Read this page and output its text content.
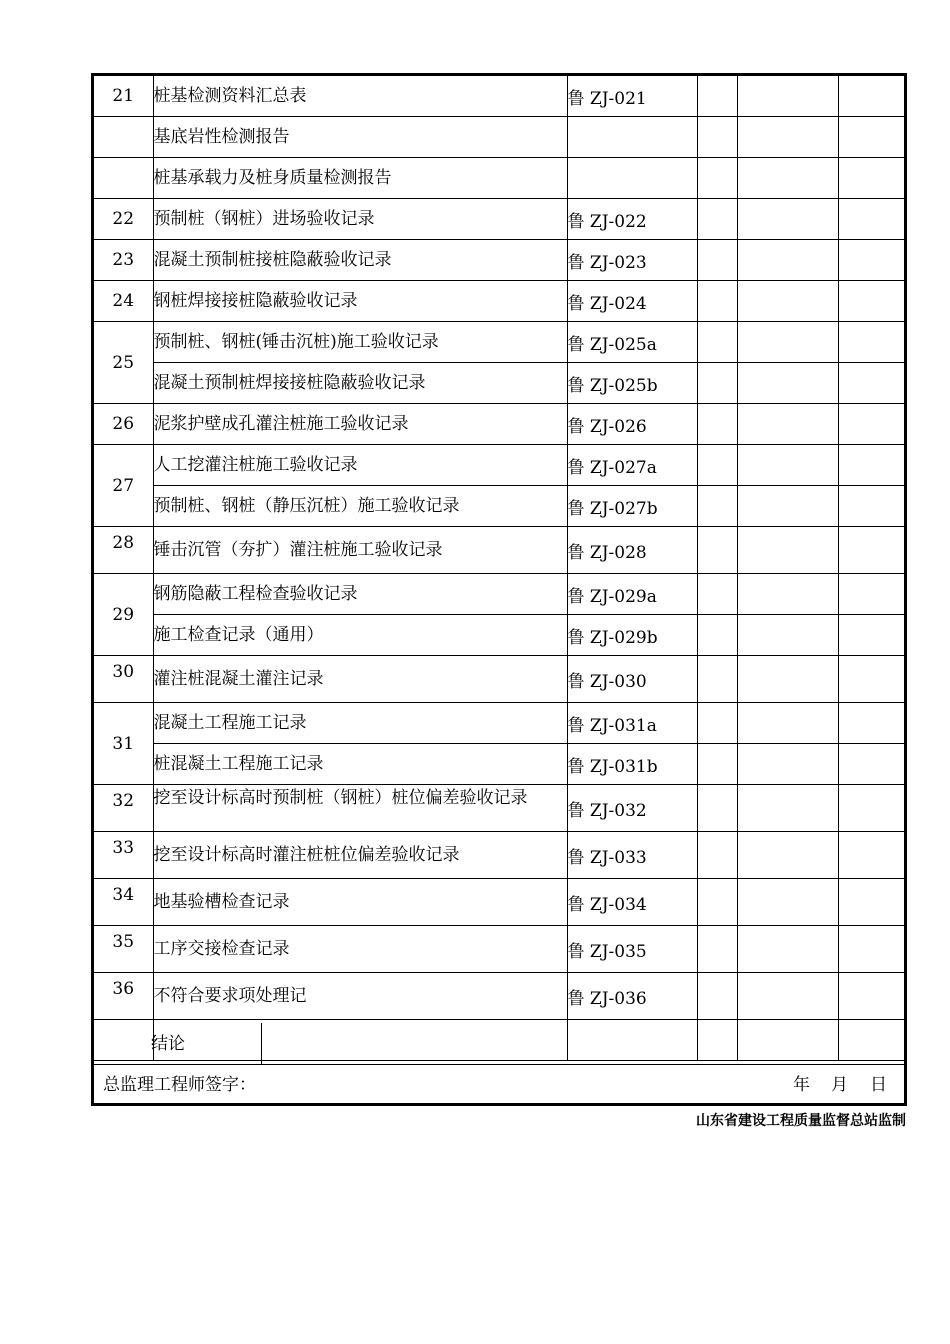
21	桩基检测资料汇总表	鲁 ZJ-021			
	基底岩性检测报告				
	桩基承载力及桩身质量检测报告				
22	预制桩（钢桩）进场验收记录	鲁 ZJ-022			
23	混凝土预制桩接桩隐蔽验收记录	鲁 ZJ-023			
24	钢桩焊接接桩隐蔽验收记录	鲁 ZJ-024			
25	预制桩、钢桩(锤击沉桩)施工验收记录	鲁 ZJ-025a			
	混凝土预制桩焊接接桩隐蔽验收记录	鲁 ZJ-025b			
26	泥浆护壁成孔灌注桩施工验收记录	鲁 ZJ-026			
27	人工挖灌注桩施工验收记录	鲁 ZJ-027a			
	预制桩、钢桩（静压沉桩）施工验收记录	鲁 ZJ-027b			
28	锤击沉管（夯扩）灌注桩施工验收记录	鲁 ZJ-028			
29	钢筋隐蔽工程检查验收记录	鲁 ZJ-029a			
	施工检查记录（通用）	鲁 ZJ-029b			
30	灌注桩混凝土灌注记录	鲁 ZJ-030			
31	混凝土工程施工记录	鲁 ZJ-031a			
	桩混凝土工程施工记录	鲁 ZJ-031b			
32	挖至设计标高时预制桩（钢桩）桩位偏差验收记录	鲁 ZJ-032			
33	挖至设计标高时灌注桩桩位偏差验收记录	鲁 ZJ-033			
34	地基验槽检查记录	鲁 ZJ-034			
35	工序交接检查记录	鲁 ZJ-035			
36	不符合要求项处理记	鲁 ZJ-036			

结论
总监理工程师签字：	年 月 日
山东省建设工程质量监督总站监制
